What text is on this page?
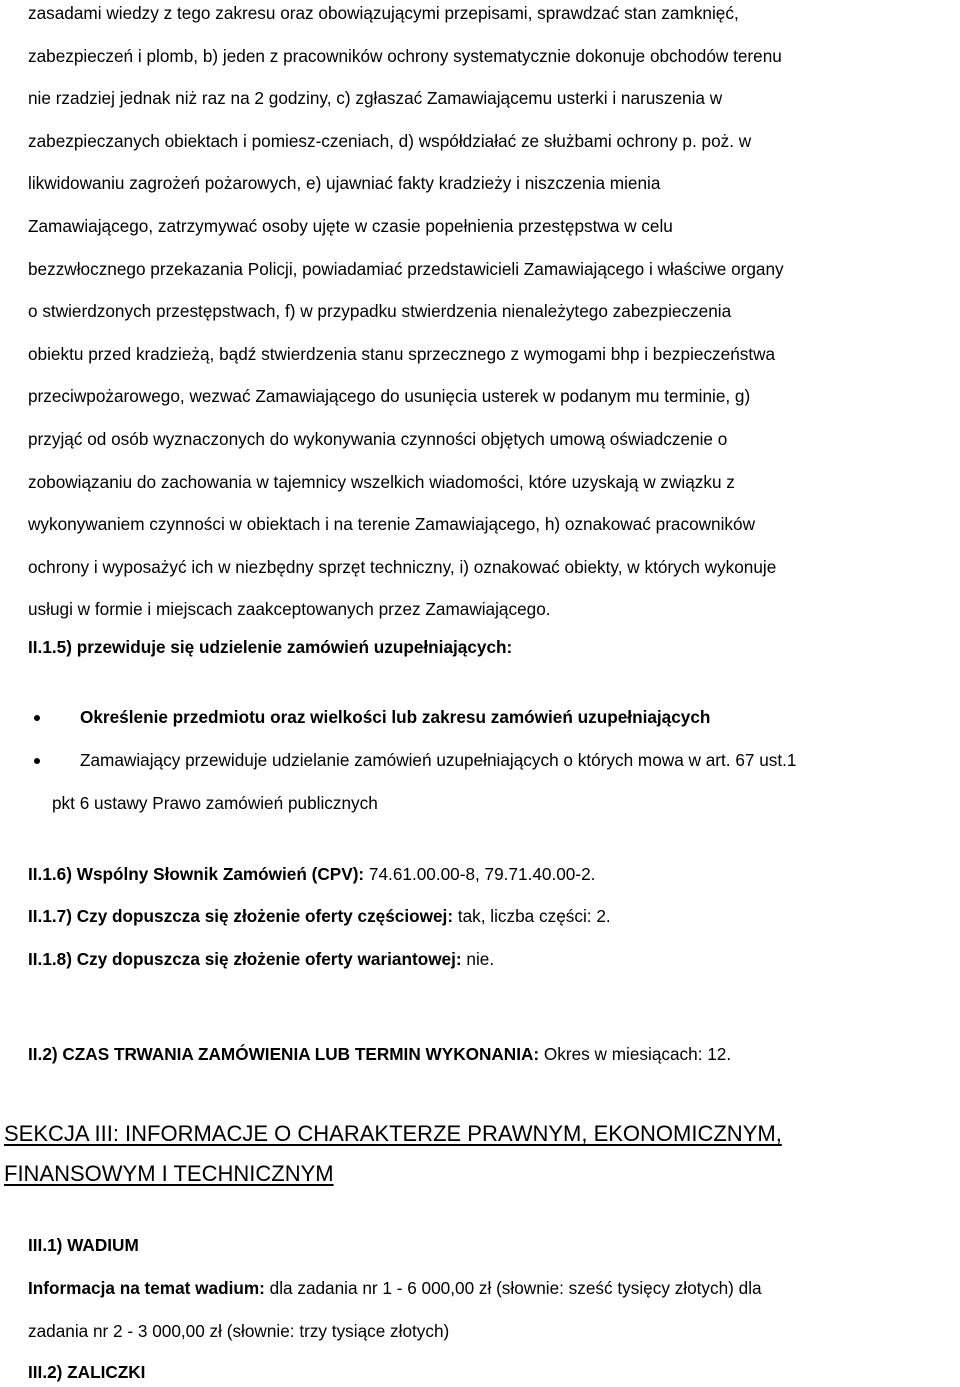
zasadami wiedzy z tego zakresu oraz obowiązującymi przepisami, sprawdzać stan zamknięć,
zabezpieczeń i plomb, b) jeden z pracowników ochrony systematycznie dokonuje obchodów terenu
nie rzadziej jednak niż raz na 2 godziny, c) zgłaszać Zamawiającemu usterki i naruszenia w
zabezpieczanych obiektach i pomiesz-czeniach, d) współdziałać ze służbami ochrony p. poż. w
likwidowaniu zagrożeń pożarowych, e) ujawniać fakty kradzieży i niszczenia mienia
Zamawiającego, zatrzymywać osoby ujęte w czasie popełnienia przestępstwa w celu
bezzwłocznego przekazania Policji, powiadamiać przedstawicieli Zamawiającego i właściwe organy
o stwierdzonych przestępstwach, f) w przypadku stwierdzenia nienależytego zabezpieczenia
obiektu przed kradzieżą, bądź stwierdzenia stanu sprzecznego z wymogami bhp i bezpieczeństwa
przeciwpożarowego, wezwać Zamawiającego do usunięcia usterek w podanym mu terminie, g)
przyjąć od osób wyznaczonych do wykonywania czynności objętych umową oświadczenie o
zobowiązaniu do zachowania w tajemnicy wszelkich wiadomości, które uzyskają w związku z
wykonywaniem czynności w obiektach i na terenie Zamawiającego, h) oznakować pracowników
ochrony i wyposażyć ich w niezbędny sprzęt techniczny, i) oznakować obiekty, w których wykonuje
usługi w formie i miejscach zaakceptowanych przez Zamawiającego.

II.1.5) przewiduje się udzielenie zamówień uzupełniających:

Określenie przedmiotu oraz wielkości lub zakresu zamówień uzupełniających
Zamawiający przewiduje udzielanie zamówień uzupełniających o których mowa w art. 67 ust.1
pkt 6 ustawy Prawo zamówień publicznych

II.1.6) Wspólny Słownik Zamówień (CPV): 74.61.00.00-8, 79.71.40.00-2.

II.1.7) Czy dopuszcza się złożenie oferty częściowej: tak, liczba części: 2.

II.1.8) Czy dopuszcza się złożenie oferty wariantowej: nie.

II.2) CZAS TRWANIA ZAMÓWIENIA LUB TERMIN WYKONANIA: Okres w miesiącach: 12.

SEKCJA III: INFORMACJE O CHARAKTERZE PRAWNYM, EKONOMICZNYM,

FINANSOWYM I TECHNICZNYM

III.1) WADIUM

Informacja na temat wadium: dla zadania nr 1 - 6 000,00 zł (słownie: sześć tysięcy złotych) dla

zadania nr 2 - 3 000,00 zł (słownie: trzy tysiące złotych)

III.2) ZALICZKI
